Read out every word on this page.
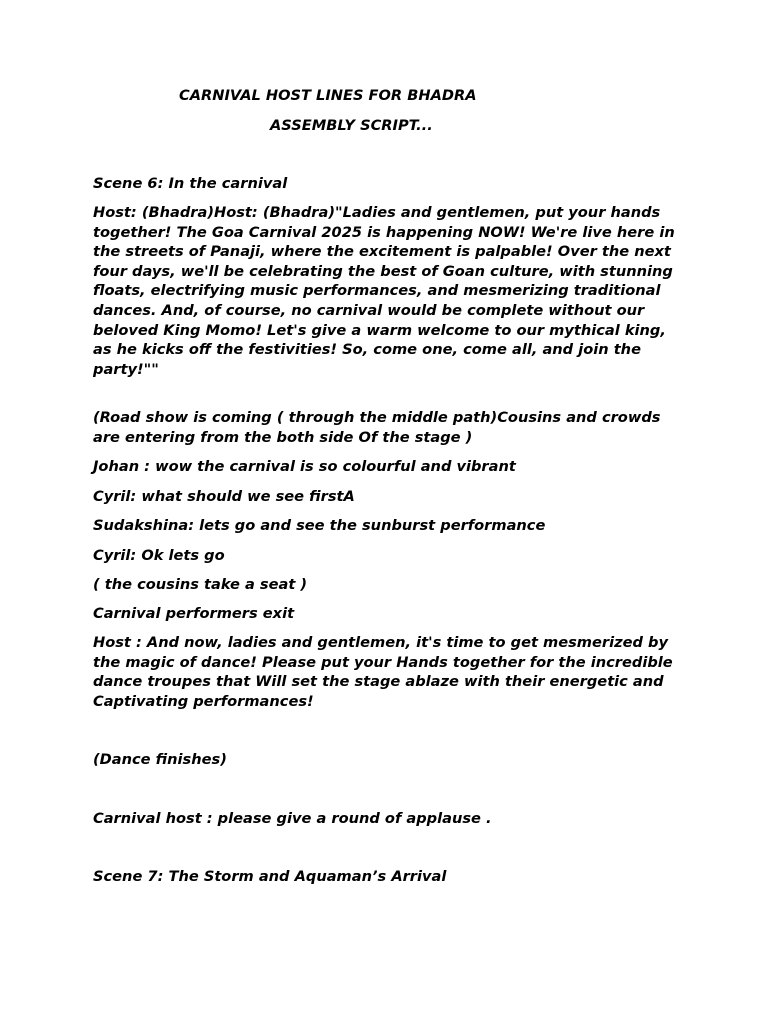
CARNIVAL HOST LINES FOR BHADRA

ASSEMBLY SCRIPT...

Scene 6: In the carnival

Host: (Bhadra)Host: (Bhadra)"Ladies and gentlemen, put your hands together! The Goa Carnival 2025 is happening NOW! We're live here in the streets of Panaji, where the excitement is palpable! Over the next four days, we'll be celebrating the best of Goan culture, with stunning floats, electrifying music performances, and mesmerizing traditional dances. And, of course, no carnival would be complete without our beloved King Momo! Let's give a warm welcome to our mythical king, as he kicks off the festivities! So, come one, come all, and join the party!""

(Road show is coming ( through the middle path)Cousins and crowds are entering from the both side Of the stage )

Johan : wow the carnival is so colourful and vibrant

Cyril: what should we see firstA

Sudakshina: lets go and see the sunburst performance

Cyril: Ok lets go

( the cousins take a seat )

Carnival performers exit

Host : And now, ladies and gentlemen, it's time to get mesmerized by the magic of dance! Please put your Hands together for the incredible dance troupes that Will set the stage ablaze with their energetic and Captivating performances!

(Dance finishes)

Carnival host : please give a round of applause .

Scene 7: The Storm and Aquaman’s Arrival
